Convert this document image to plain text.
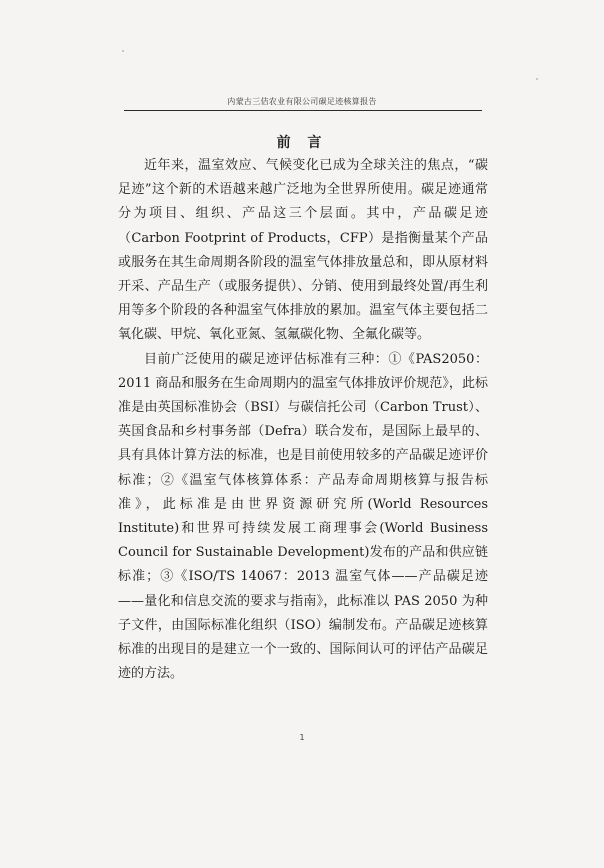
内蒙古三佶农业有限公司碳足迹核算报告
前 言

近年来，温室效应、气候变化已成为全球关注的焦点，“碳足迹”这个新的术语越来越广泛地为全世界所使用。碳足迹通常分为项目、组织、产品这三个层面。其中，产品碳足迹（Carbon Footprint of Products，CFP）是指衡量某个产品或服务在其生命周期各阶段的温室气体排放量总和，即从原材料开采、产品生产（或服务提供）、分销、使用到最终处置/再生利用等多个阶段的各种温室气体排放的累加。温室气体主要包括二氧化碳、甲烷、氧化亚氮、氢氟碳化物、全氟化碳等。

目前广泛使用的碳足迹评估标准有三种：①《PAS2050：2011 商品和服务在生命周期内的温室气体排放评价规范》，此标准是由英国标准协会（BSI）与碳信托公司（Carbon Trust）、英国食品和乡村事务部（Defra）联合发布，是国际上最早的、具有具体计算方法的标准，也是目前使用较多的产品碳足迹评价标准；②《温室气体核算体系：产品寿命周期核算与报告标准》，此标准是由世界资源研究所(World Resources Institute)和世界可持续发展工商理事会(World Business Council for Sustainable Development)发布的产品和供应链标准；③《ISO/TS 14067：2013 温室气体——产品碳足迹——量化和信息交流的要求与指南》，此标准以 PAS 2050 为种子文件，由国际标准化组织（ISO）编制发布。产品碳足迹核算标准的出现目的是建立一个一致的、国际间认可的评估产品碳足迹的方法。

1
